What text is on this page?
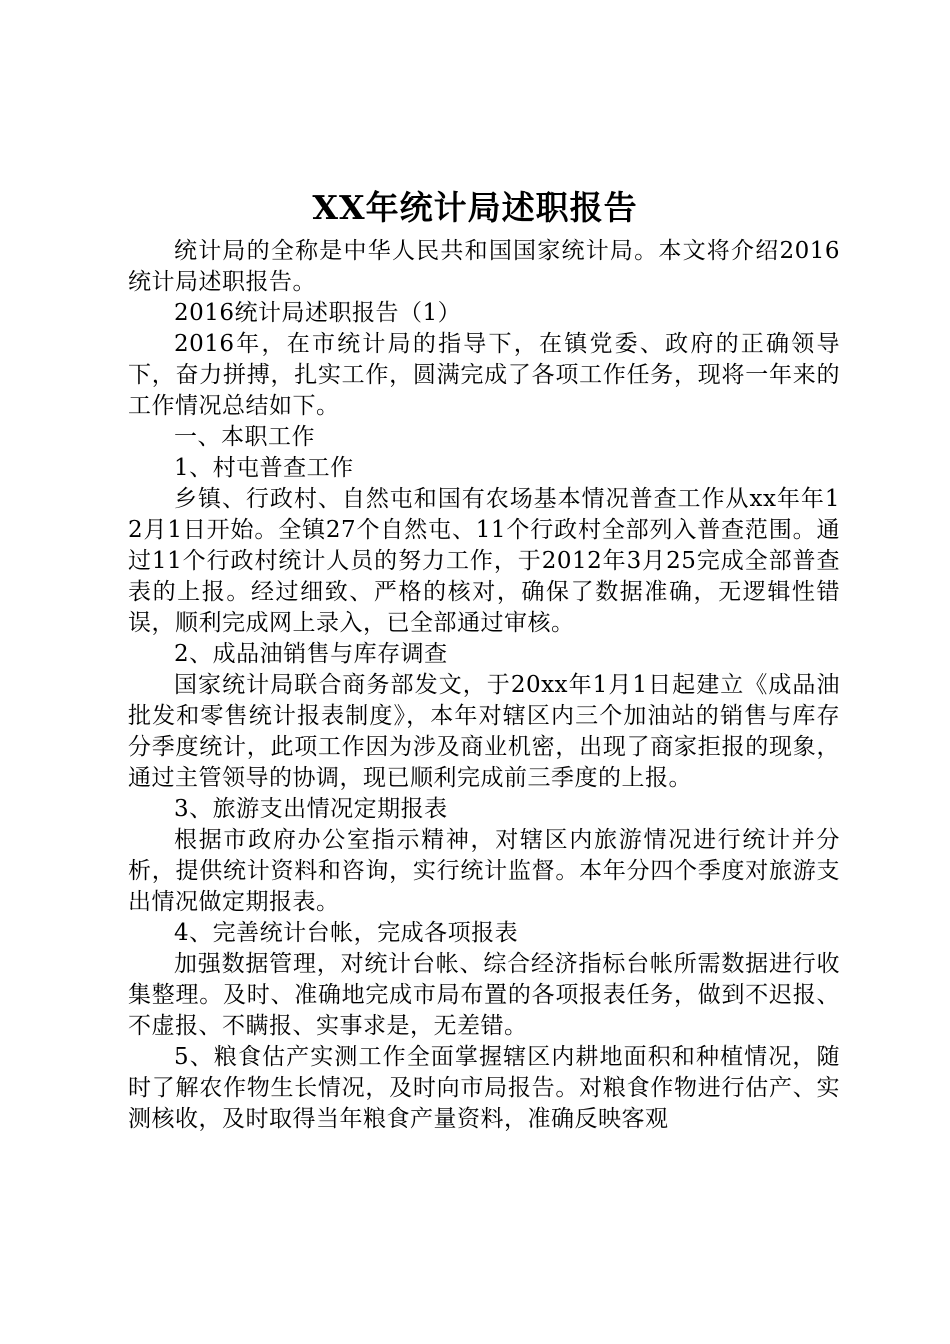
XX年统计局述职报告

统计局的全称是中华人民共和国国家统计局。本文将介绍2016统计局述职报告。

2016统计局述职报告（1）

2016年，在市统计局的指导下，在镇党委、政府的正确领导下，奋力拼搏，扎实工作，圆满完成了各项工作任务，现将一年来的工作情况总结如下。

一、本职工作

1、村屯普查工作

乡镇、行政村、自然屯和国有农场基本情况普查工作从xx年年12月1日开始。全镇27个自然屯、11个行政村全部列入普查范围。通过11个行政村统计人员的努力工作，于2012年3月25完成全部普查表的上报。经过细致、严格的核对，确保了数据准确，无逻辑性错误，顺利完成网上录入，已全部通过审核。

2、成品油销售与库存调查

国家统计局联合商务部发文，于20xx年1月1日起建立《成品油批发和零售统计报表制度》，本年对辖区内三个加油站的销售与库存分季度统计，此项工作因为涉及商业机密，出现了商家拒报的现象，通过主管领导的协调，现已顺利完成前三季度的上报。

3、旅游支出情况定期报表

根据市政府办公室指示精神，对辖区内旅游情况进行统计并分析，提供统计资料和咨询，实行统计监督。本年分四个季度对旅游支出情况做定期报表。

4、完善统计台帐，完成各项报表

加强数据管理，对统计台帐、综合经济指标台帐所需数据进行收集整理。及时、准确地完成市局布置的各项报表任务，做到不迟报、不虚报、不瞒报、实事求是，无差错。

5、粮食估产实测工作全面掌握辖区内耕地面积和种植情况，随时了解农作物生长情况，及时向市局报告。对粮食作物进行估产、实测核收，及时取得当年粮食产量资料，准确反映客观
